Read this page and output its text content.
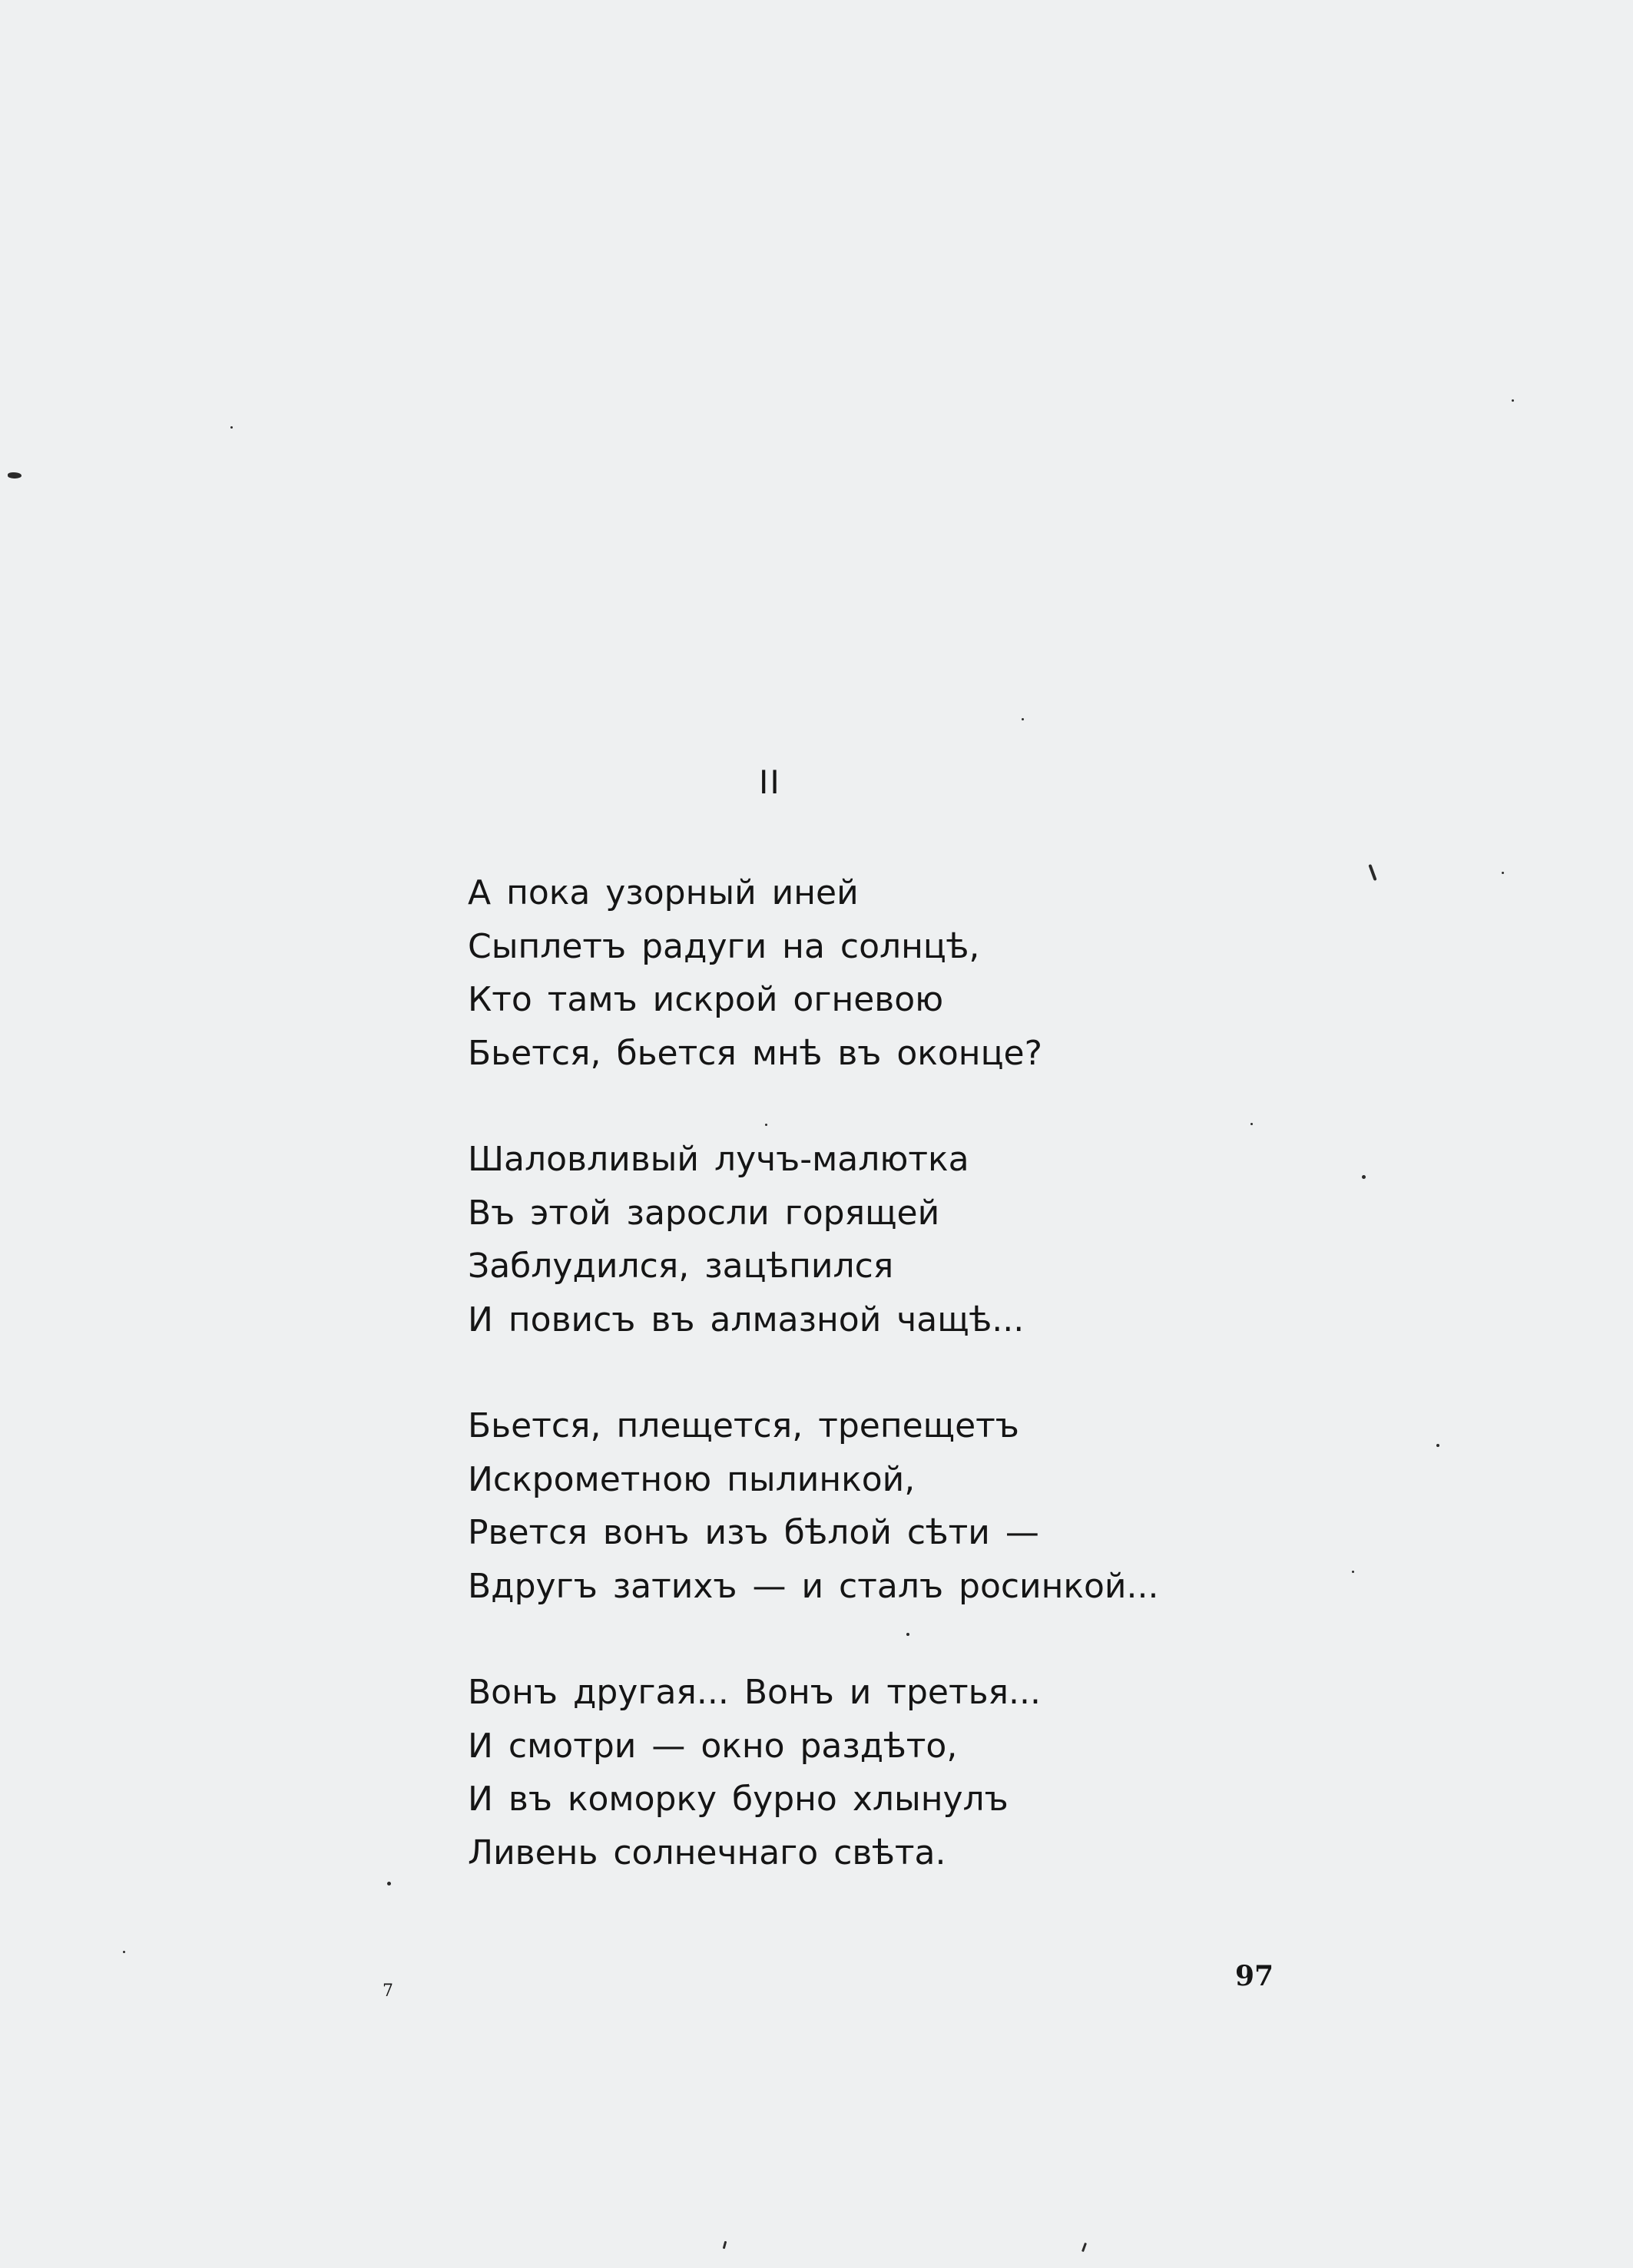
II
А пока узорный иней
Сыплетъ радуги на солнцѣ,
Кто тамъ искрой огневою
Бьется, бьется мнѣ въ оконце?
Шаловливый лучъ-малютка
Въ этой заросли горящей
Заблудился, зацѣпился
И повисъ въ алмазной чащѣ...
Бьется, плещется, трепещетъ
Искрометною пылинкой,
Рвется вонъ изъ бѣлой сѣти —
Вдругъ затихъ — и сталъ росинкой...
Вонъ другая... Вонъ и третья...
И смотри — окно раздѣто,
И въ коморку бурно хлынулъ
Ливень солнечнаго свѣта.
7	97
